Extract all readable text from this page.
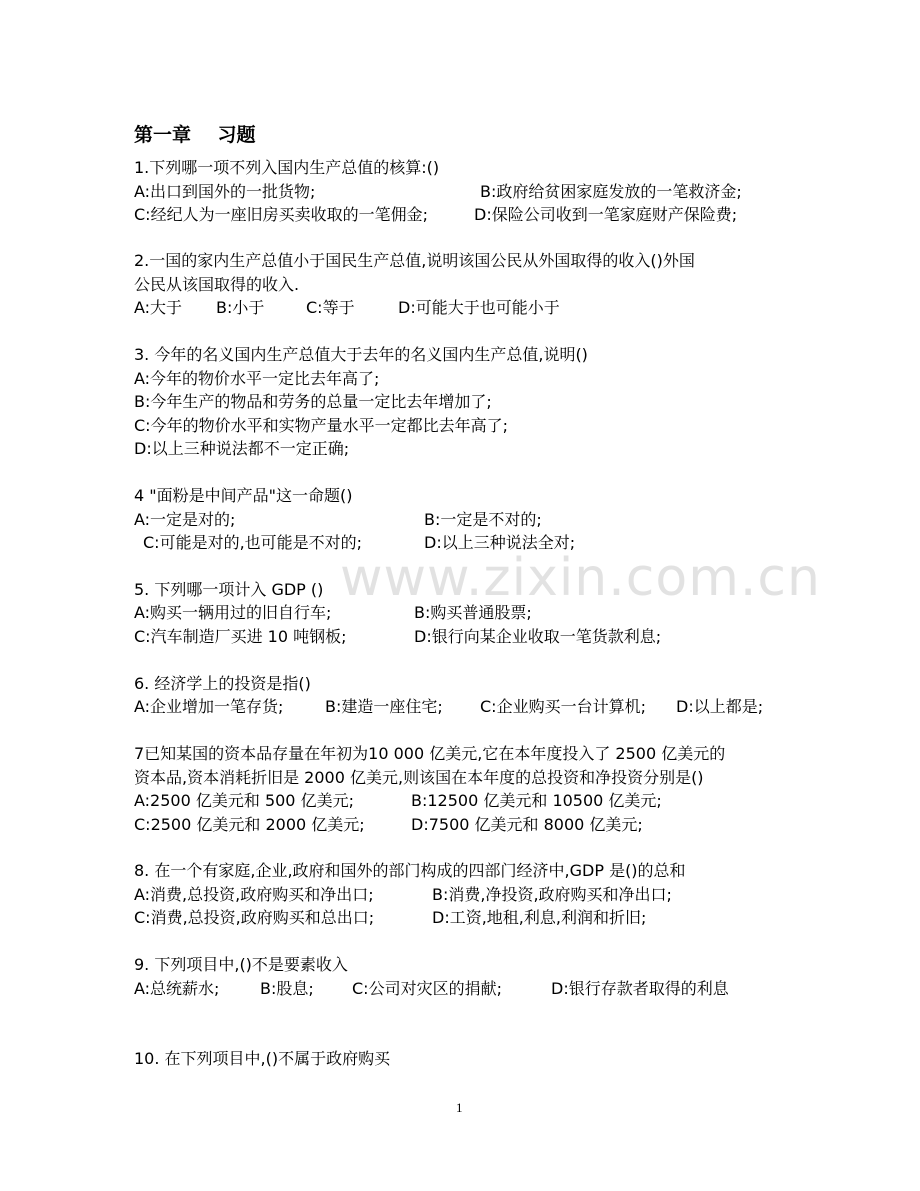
www.zixin.com.cn
第一章    习题
1.下列哪一项不列入国内生产总值的核算:()
A:出口到国外的一批货物;	B:政府给贫困家庭发放的一笔救济金;
C:经纪人为一座旧房买卖收取的一笔佣金;	D:保险公司收到一笔家庭财产保险费;
2.一国的家内生产总值小于国民生产总值,说明该国公民从外国取得的收入()外国
公民从该国取得的收入.
A:大于 B:小于	C:等于	D:可能大于也可能小于
3. 今年的名义国内生产总值大于去年的名义国内生产总值,说明()
A:今年的物价水平一定比去年高了;
B:今年生产的物品和劳务的总量一定比去年增加了;
C:今年的物价水平和实物产量水平一定都比去年高了;
D:以上三种说法都不一定正确;
4 "面粉是中间产品"这一命题()
A:一定是对的;	B:一定是不对的;
C:可能是对的,也可能是不对的;	D:以上三种说法全对;
5. 下列哪一项计入 GDP ()
A:购买一辆用过的旧自行车;	B:购买普通股票;
C:汽车制造厂买进 10 吨钢板;	D:银行向某企业收取一笔货款利息;
6. 经济学上的投资是指()
A:企业增加一笔存货;	B:建造一座住宅; C:企业购买一台计算机; D:以上都是;
7已知某国的资本品存量在年初为10 000 亿美元,它在本年度投入了 2500 亿美元的
资本品,资本消耗折旧是 2000 亿美元,则该国在本年度的总投资和净投资分别是()
A:2500 亿美元和 500 亿美元;	B:12500 亿美元和 10500 亿美元;
C:2500 亿美元和 2000 亿美元;	D:7500 亿美元和 8000 亿美元;
8. 在一个有家庭,企业,政府和国外的部门构成的四部门经济中,GDP 是()的总和
A:消费,总投资,政府购买和净出口;	B:消费,净投资,政府购买和净出口;
C:消费,总投资,政府购买和总出口;	D:工资,地租,利息,利润和折旧;
9. 下列项目中,()不是要素收入
A:总统薪水;	B:股息; C:公司对灾区的捐献;	D:银行存款者取得的利息
10. 在下列项目中,()不属于政府购买
1
